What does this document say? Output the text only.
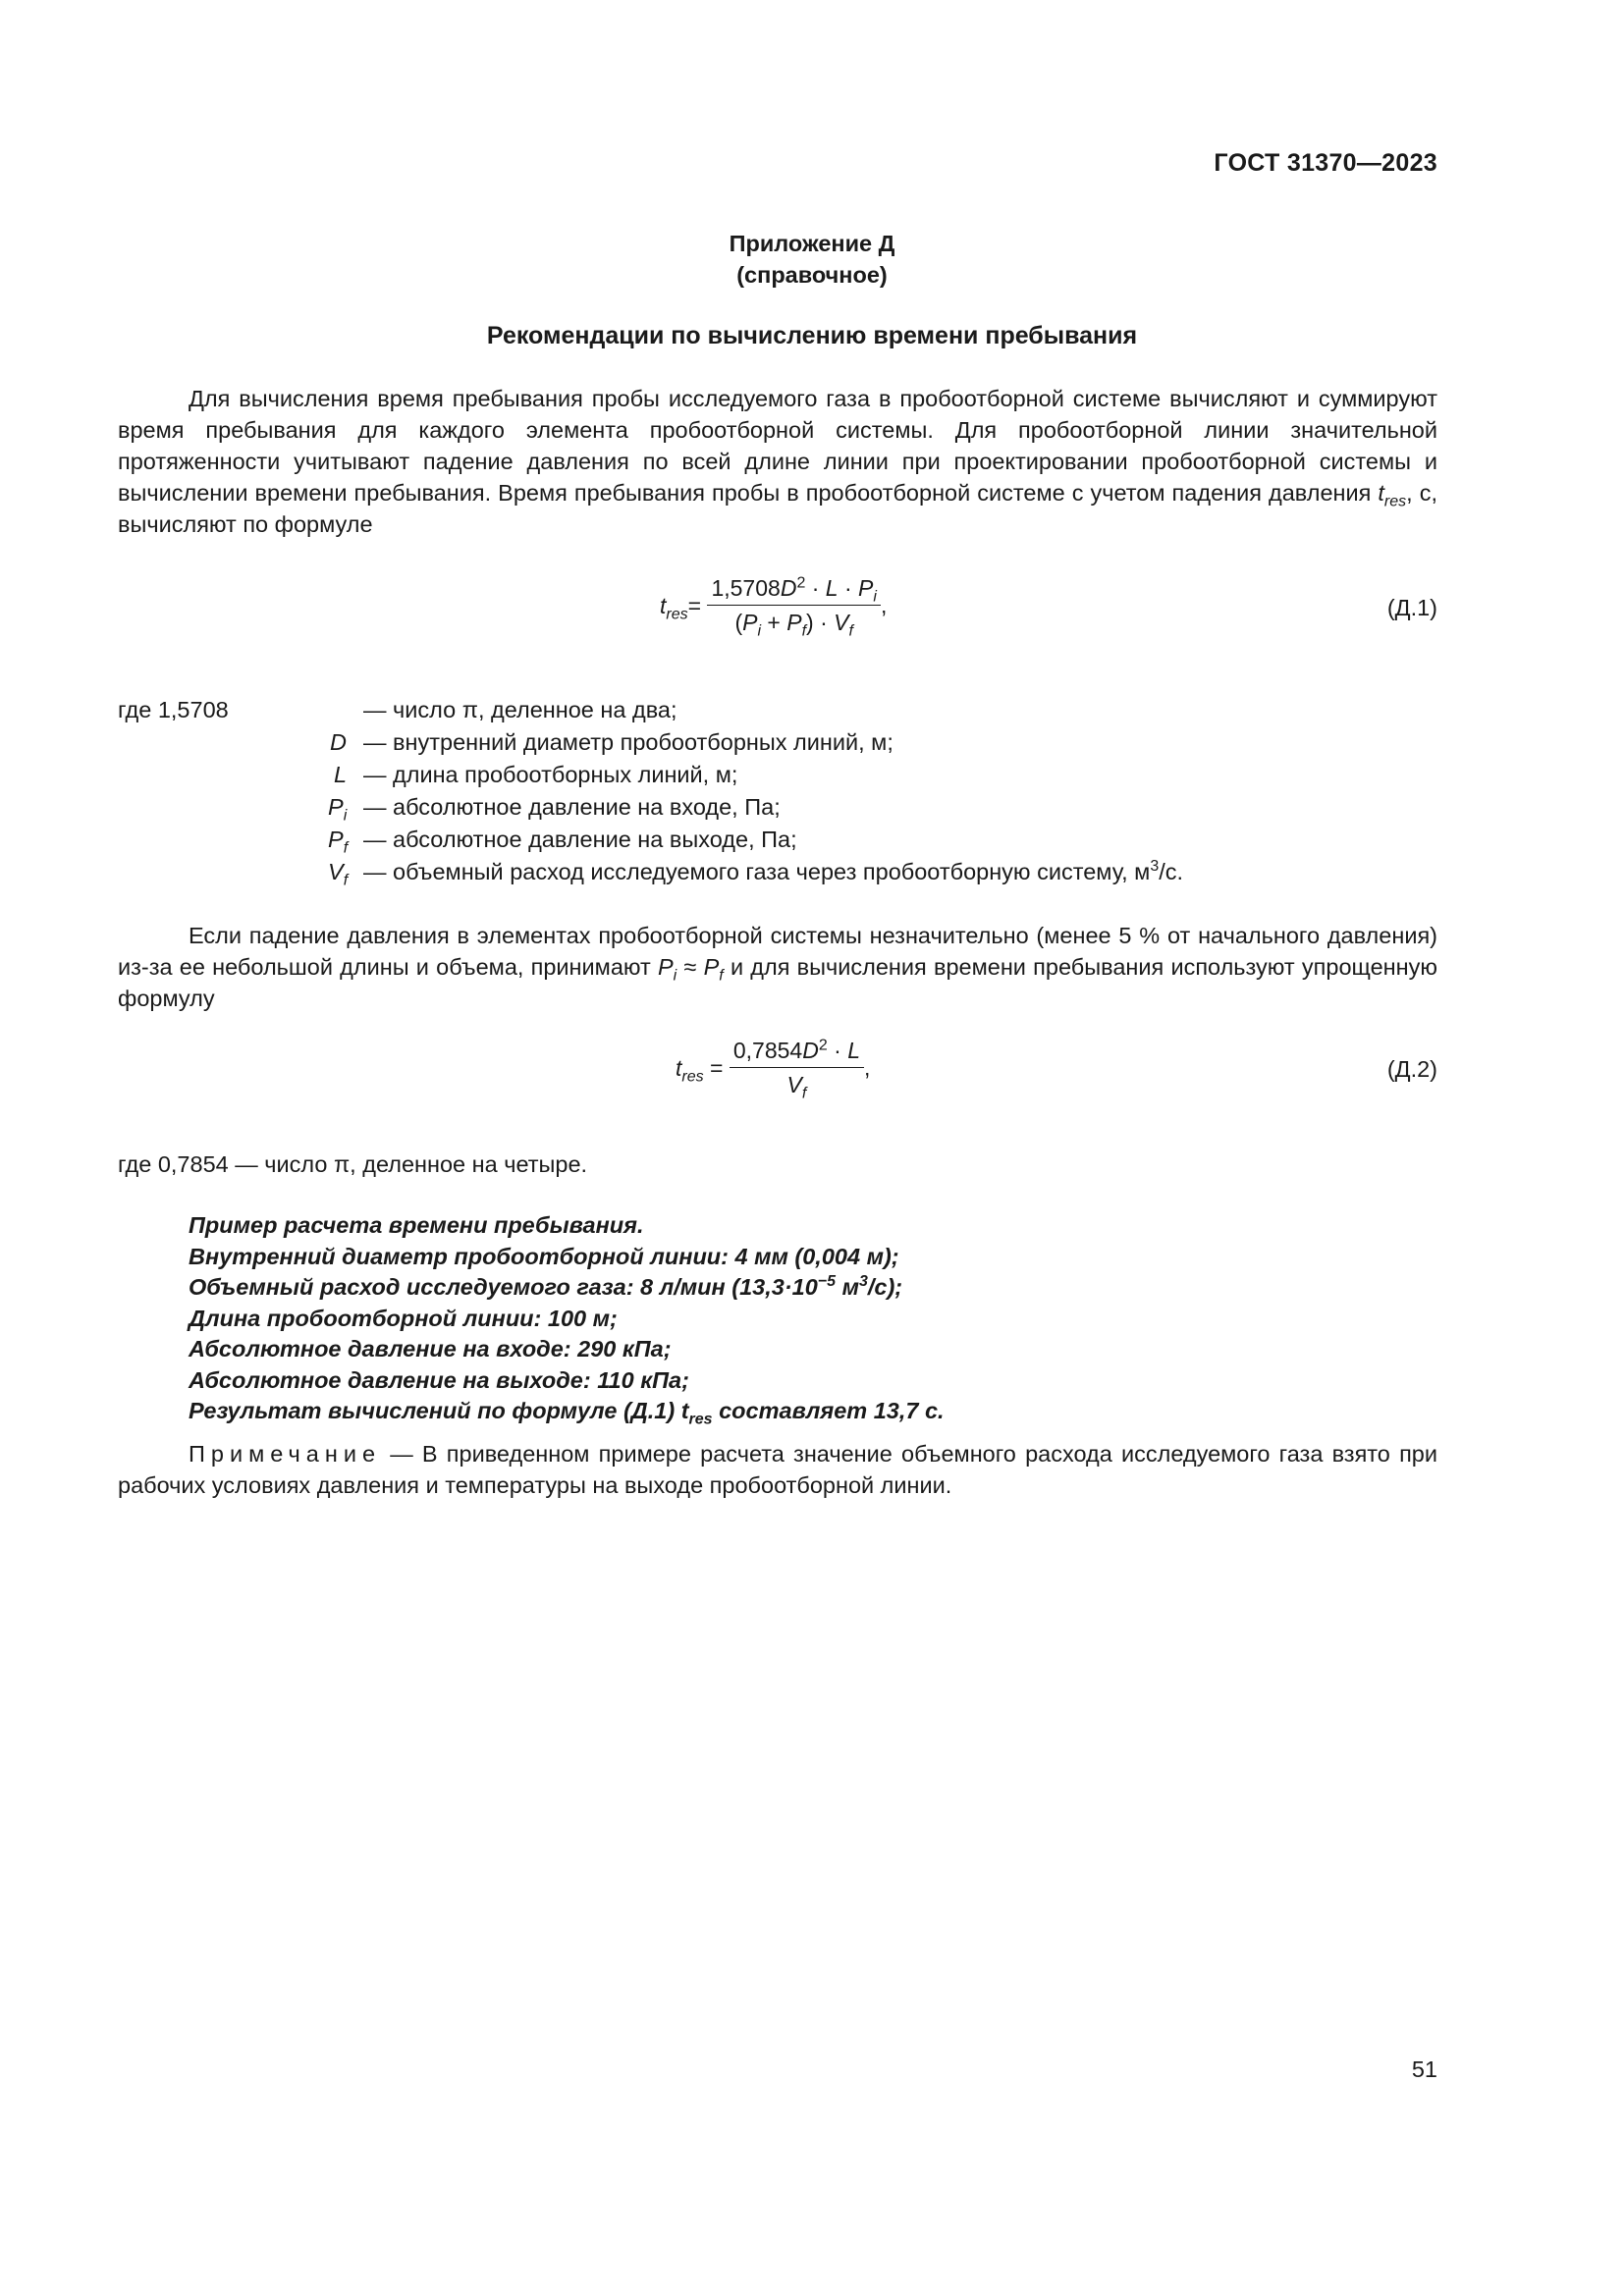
ГОСТ 31370—2023
Приложение Д
(справочное)
Рекомендации по вычислению времени пребывания
Для вычисления время пребывания пробы исследуемого газа в пробоотборной системе вычисляют и суммируют время пребывания для каждого элемента пробоотборной системы. Для пробоотборной линии значительной протяженности учитывают падение давления по всей длине линии при проектировании пробоотборной системы и вычислении времени пребывания. Время пребывания пробы в пробоотборной системе с учетом падения давления $t_{res}$, с, вычисляют по формуле
$t_{res}= \frac{1,5708D^2 \cdot L \cdot P_i}{(P_i + P_f) \cdot V_f}$ ,	(Д.1)
где 1,5708	— число π, деленное на два;
D — внутренний диаметр пробоотборных линий, м;
L — длина пробоотборных линий, м;
$P_i$ — абсолютное давление на входе, Па;
$P_f$ — абсолютное давление на выходе, Па;
$V_f$ — объемный расход исследуемого газа через пробоотборную систему, $м^3/с$.
Если падение давления в элементах пробоотборной системы незначительно (менее 5 % от начального давления) из-за ее небольшой длины и объема, принимают $P_i \approx P_f$ и для вычисления времени пребывания используют упрощенную формулу
$t_{res} = \frac{0,7854D^2 \cdot L}{V_f}$ ,	(Д.2)
где 0,7854 — число π, деленное на четыре.
Пример расчета времени пребывания.
Внутренний диаметр пробоотборной линии: 4 мм (0,004 м);
Объемный расход исследуемого газа: 8 л/мин ($13,3\cdot 10^{-5}$ $м^3/с$);
Длина пробоотборной линии: 100 м;
Абсолютное давление на входе: 290 кПа;
Абсолютное давление на выходе: 110 кПа;
Результат вычислений по формуле (Д.1) $t_{res}$ составляет 13,7 с.
Примечание — В приведенном примере расчета значение объемного расхода исследуемого газа взято при рабочих условиях давления и температуры на выходе пробоотборной линии.
51
